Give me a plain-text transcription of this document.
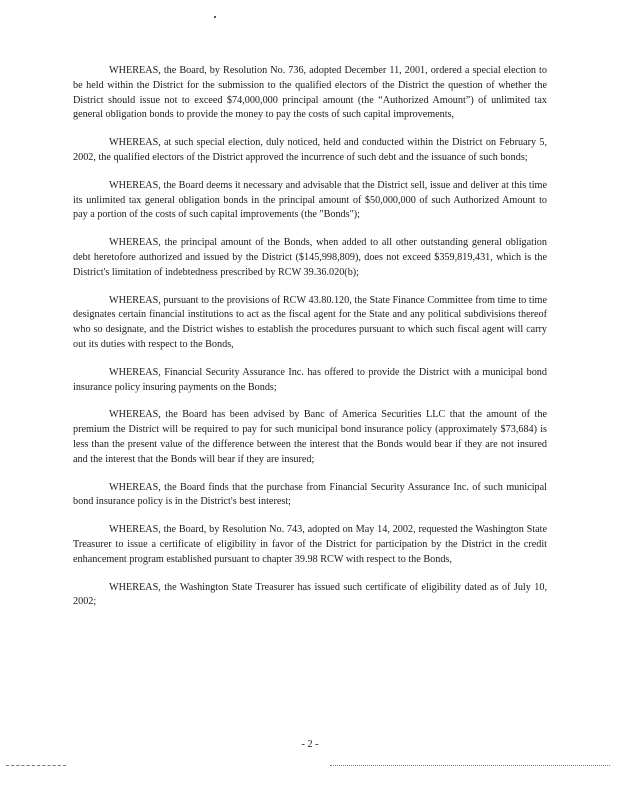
WHEREAS, the Board, by Resolution No. 736, adopted December 11, 2001, ordered a special election to be held within the District for the submission to the qualified electors of the District the question of whether the District should issue not to exceed $74,000,000 principal amount (the “Authorized Amount”) of unlimited tax general obligation bonds to provide the money to pay the costs of such capital improvements,

WHEREAS, at such special election, duly noticed, held and conducted within the District on February 5, 2002, the qualified electors of the District approved the incurrence of such debt and the issuance of such bonds;

WHEREAS, the Board deems it necessary and advisable that the District sell, issue and deliver at this time its unlimited tax general obligation bonds in the principal amount of $50,000,000 of such Authorized Amount to pay a portion of the costs of such capital improvements (the "Bonds");

WHEREAS, the principal amount of the Bonds, when added to all other outstanding general obligation debt heretofore authorized and issued by the District ($145,998,809), does not exceed $359,819,431, which is the District's limitation of indebtedness prescribed by RCW 39.36.020(b);

WHEREAS, pursuant to the provisions of RCW 43.80.120, the State Finance Committee from time to time designates certain financial institutions to act as the fiscal agent for the State and any political subdivisions thereof who so designate, and the District wishes to establish the procedures pursuant to which such fiscal agent will carry out its duties with respect to the Bonds,

WHEREAS, Financial Security Assurance Inc. has offered to provide the District with a municipal bond insurance policy insuring payments on the Bonds;

WHEREAS, the Board has been advised by Banc of America Securities LLC that the amount of the premium the District will be required to pay for such municipal bond insurance policy (approximately $73,684) is less than the present value of the difference between the interest that the Bonds would bear if they are not insured and the interest that the Bonds will bear if they are insured;

WHEREAS, the Board finds that the purchase from Financial Security Assurance Inc. of such municipal bond insurance policy is in the District's best interest;

WHEREAS, the Board, by Resolution No. 743, adopted on May 14, 2002, requested the Washington State Treasurer to issue a certificate of eligibility in favor of the District for participation by the District in the credit enhancement program established pursuant to chapter 39.98 RCW with respect to the Bonds,

WHEREAS, the Washington State Treasurer has issued such certificate of eligibility dated as of July 10, 2002;

- 2 -
